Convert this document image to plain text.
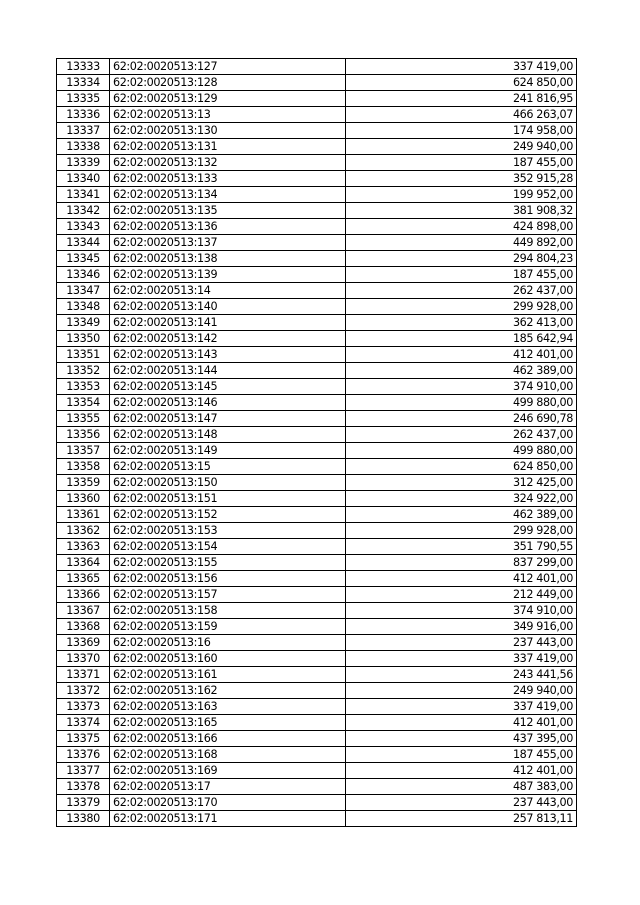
13333	62:02:0020513:127	337 419,00
13334	62:02:0020513:128	624 850,00
13335	62:02:0020513:129	241 816,95
13336	62:02:0020513:13	466 263,07
13337	62:02:0020513:130	174 958,00
13338	62:02:0020513:131	249 940,00
13339	62:02:0020513:132	187 455,00
13340	62:02:0020513:133	352 915,28
13341	62:02:0020513:134	199 952,00
13342	62:02:0020513:135	381 908,32
13343	62:02:0020513:136	424 898,00
13344	62:02:0020513:137	449 892,00
13345	62:02:0020513:138	294 804,23
13346	62:02:0020513:139	187 455,00
13347	62:02:0020513:14	262 437,00
13348	62:02:0020513:140	299 928,00
13349	62:02:0020513:141	362 413,00
13350	62:02:0020513:142	185 642,94
13351	62:02:0020513:143	412 401,00
13352	62:02:0020513:144	462 389,00
13353	62:02:0020513:145	374 910,00
13354	62:02:0020513:146	499 880,00
13355	62:02:0020513:147	246 690,78
13356	62:02:0020513:148	262 437,00
13357	62:02:0020513:149	499 880,00
13358	62:02:0020513:15	624 850,00
13359	62:02:0020513:150	312 425,00
13360	62:02:0020513:151	324 922,00
13361	62:02:0020513:152	462 389,00
13362	62:02:0020513:153	299 928,00
13363	62:02:0020513:154	351 790,55
13364	62:02:0020513:155	837 299,00
13365	62:02:0020513:156	412 401,00
13366	62:02:0020513:157	212 449,00
13367	62:02:0020513:158	374 910,00
13368	62:02:0020513:159	349 916,00
13369	62:02:0020513:16	237 443,00
13370	62:02:0020513:160	337 419,00
13371	62:02:0020513:161	243 441,56
13372	62:02:0020513:162	249 940,00
13373	62:02:0020513:163	337 419,00
13374	62:02:0020513:165	412 401,00
13375	62:02:0020513:166	437 395,00
13376	62:02:0020513:168	187 455,00
13377	62:02:0020513:169	412 401,00
13378	62:02:0020513:17	487 383,00
13379	62:02:0020513:170	237 443,00
13380	62:02:0020513:171	257 813,11
